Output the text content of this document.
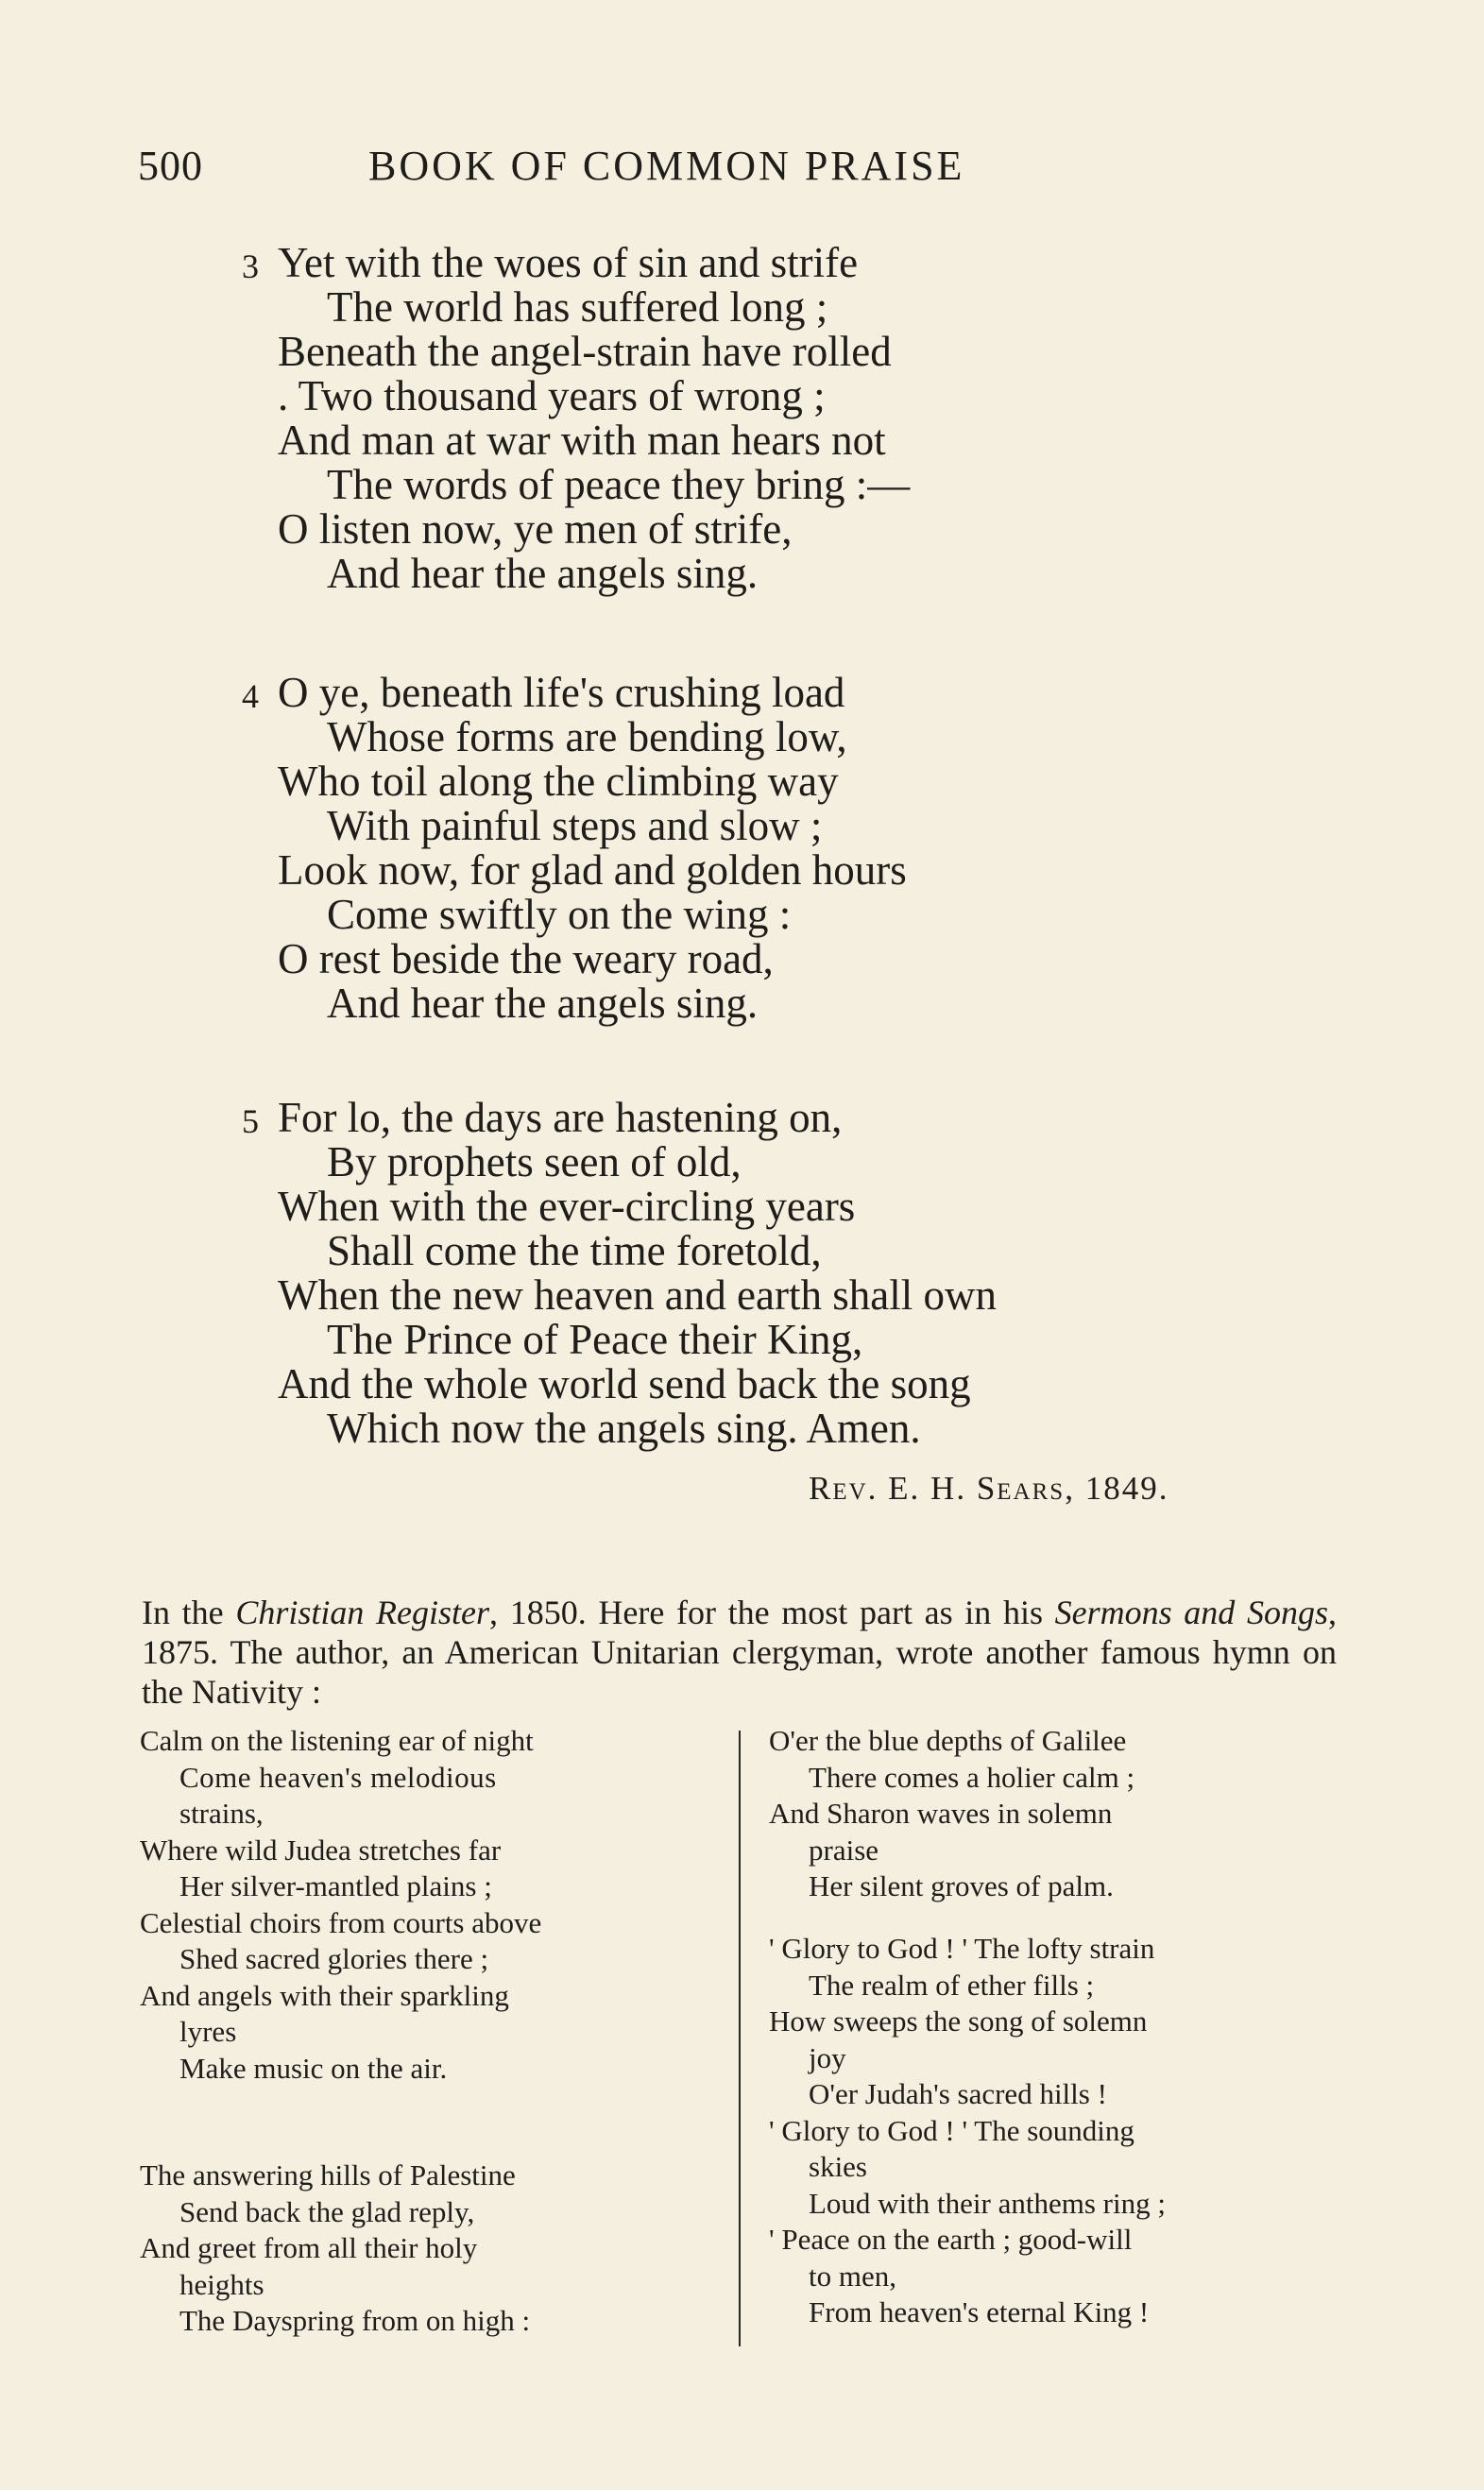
500	BOOK OF COMMON PRAISE
3 Yet with the woes of sin and strife
The world has suffered long ;
Beneath the angel-strain have rolled
. Two thousand years of wrong ;
And man at war with man hears not
The words of peace they bring :—
O listen now, ye men of strife,
And hear the angels sing.
4 O ye, beneath life's crushing load
Whose forms are bending low,
Who toil along the climbing way
With painful steps and slow ;
Look now, for glad and golden hours
Come swiftly on the wing :
O rest beside the weary road,
And hear the angels sing.
5 For lo, the days are hastening on,
By prophets seen of old,
When with the ever-circling years
Shall come the time foretold,
When the new heaven and earth shall own
The Prince of Peace their King,
And the whole world send back the song
Which now the angels sing. Amen.
Rev. E. H. Sears, 1849.

In the Christian Register, 1850. Here for the most part as in his Sermons and Songs, 1875. The author, an American Unitarian clergyman, wrote another famous hymn on the Nativity :

Calm on the listening ear of night
Come heaven's melodious
strains,
Where wild Judea stretches far
Her silver-mantled plains ;
Celestial choirs from courts above
Shed sacred glories there ;
And angels with their sparkling
lyres
Make music on the air.
The answering hills of Palestine
Send back the glad reply,
And greet from all their holy
heights
The Dayspring from on high :
O'er the blue depths of Galilee
There comes a holier calm ;
And Sharon waves in solemn
praise
Her silent groves of palm.
' Glory to God ! ' The lofty strain
The realm of ether fills ;
How sweeps the song of solemn
joy
O'er Judah's sacred hills !
' Glory to God ! ' The sounding
skies
Loud with their anthems ring ;
' Peace on the earth ; good-will
to men,
From heaven's eternal King !
